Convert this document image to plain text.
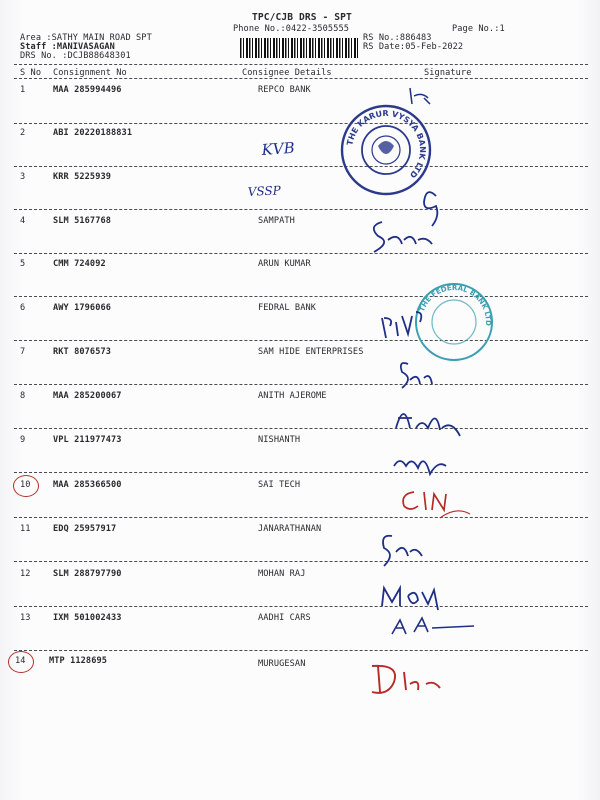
TPC/CJB DRS - SPT
Phone No.:0422-3505555	Page No.:1
Area :SATHY MAIN ROAD SPT
Staff :MANIVASAGAN
DRS No. :DCJB88648301
RS No.:886483
RS Date:05-Feb-2022
S No Consignment No	Consignee Details	Signature
1	MAA 285994496	REPCO BANK
2	ABI 20220188831
3	KRR 5225939
4	SLM 5167768	SAMPATH
5	CMM 724092	ARUN KUMAR
6	AWY 1796066	FEDRAL BANK
7	RKT 8076573	SAM HIDE ENTERPRISES
8	MAA 285200067	ANITH AJEROME
9	VPL 211977473	NISHANTH
10	MAA 285366500	SAI TECH
11	EDQ 25957917	JANARATHANAN
12	SLM 288797790	MOHAN RAJ
13	IXM 501002433	AADHI CARS
14	MTP 1128695	MURUGESAN
THE KARUR VYSYA BANK LTD
THE FEDERAL BANK LTD
KVB
VSSP
